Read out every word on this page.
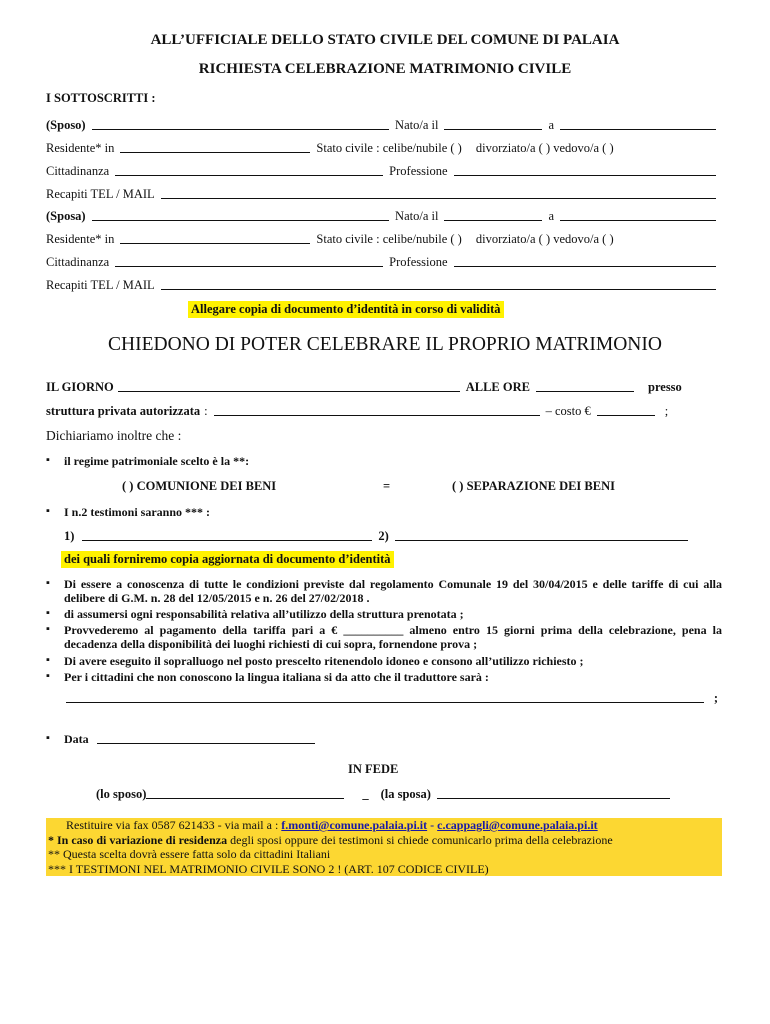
ALL’UFFICIALE DELLO STATO CIVILE DEL COMUNE DI PALAIA
RICHIESTA CELEBRAZIONE MATRIMONIO CIVILE
I SOTTOSCRITTI :
(Sposo)	Nato/a il	a
Residente* in	Stato civile : celibe/nubile ( ) divorziato/a ( ) vedovo/a ( )
Cittadinanza	Professione
Recapiti TEL / MAIL
(Sposa)	Nato/a il	a
Residente* in	Stato civile : celibe/nubile ( ) divorziato/a ( ) vedovo/a ( )
Cittadinanza	Professione
Recapiti TEL / MAIL
Allegare copia di documento d’identità in corso di validità
CHIEDONO DI POTER CELEBRARE IL PROPRIO MATRIMONIO
IL GIORNO	ALLE ORE	presso
struttura privata autorizzata :	– costo €	;
Dichiariamo inoltre che :
▪ il regime patrimoniale scelto è la **:
( ) COMUNIONE DEI BENI	=	( ) SEPARAZIONE DEI BENI
▪ I n.2 testimoni saranno *** :
1)	2)
dei quali forniremo copia aggiornata di documento d’identità
▪ Di essere a conoscenza di tutte le condizioni previste dal regolamento Comunale 19 del 30/04/2015 e delle tariffe di cui alla delibere di G.M. n. 28 del 12/05/2015 e n. 26 del 27/02/2018 .
▪ di assumersi ogni responsabilità relativa all’utilizzo della struttura prenotata ;
▪ Provvederemo al pagamento della tariffa pari a € __________ almeno entro 15 giorni prima della celebrazione, pena la decadenza della disponibilità dei luoghi richiesti di cui sopra, fornendone prova ;
▪ Di avere eseguito il sopralluogo nel posto prescelto ritenendolo idoneo e consono all’utilizzo richiesto ;
▪ Per i cittadini che non conoscono la lingua italiana si da atto che il traduttore sarà :
;
▪ Data
IN FEDE
(lo sposo)	_ (la sposa)
Restituire via fax 0587 621433 - via mail a : f.monti@comune.palaia.pi.it - c.cappagli@comune.palaia.pi.it
* In caso di variazione di residenza degli sposi oppure dei testimoni si chiede comunicarlo prima della celebrazione
** Questa scelta dovrà essere fatta solo da cittadini Italiani
*** I TESTIMONI NEL MATRIMONIO CIVILE SONO 2 ! (ART. 107 CODICE CIVILE)
